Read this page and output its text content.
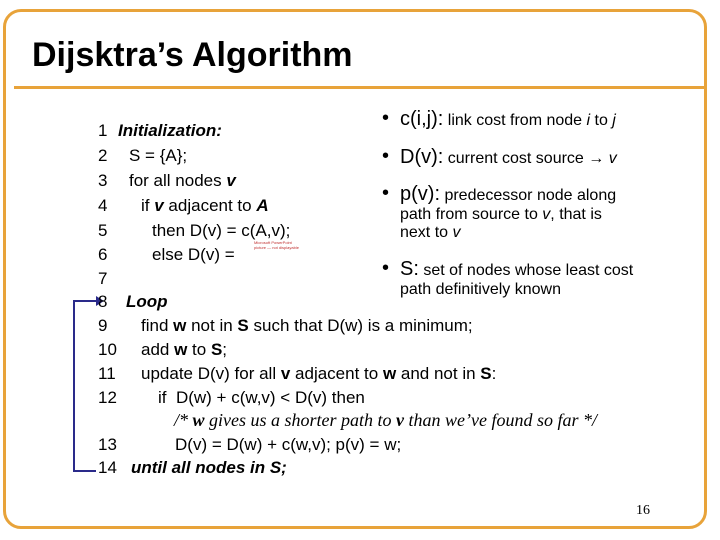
Dijsktra’s Algorithm
1 Initialization:
2 S = {A};
3 for all nodes v
4 if v adjacent to A
5	then D(v) = c(A,v);
6	else D(v) =
Microsoft PowerPoint picture — not displayable
7
8 Loop
9 find w not in S such that D(w) is a minimum;
10 add w to S;
11 update D(v) for all v adjacent to w and not in S:
12 if  D(w) + c(w,v) < D(v) then
/* w gives us a shorter path to v than we’ve found so far */
13	D(v) = D(w) + c(w,v); p(v) = w;
14 until all nodes in S;
• c(i,j): link cost from node i to j
• D(v): current cost source → v
• p(v): predecessor node along
path from source to v, that is
next to v
• S: set of nodes whose least cost
path definitively known
16
